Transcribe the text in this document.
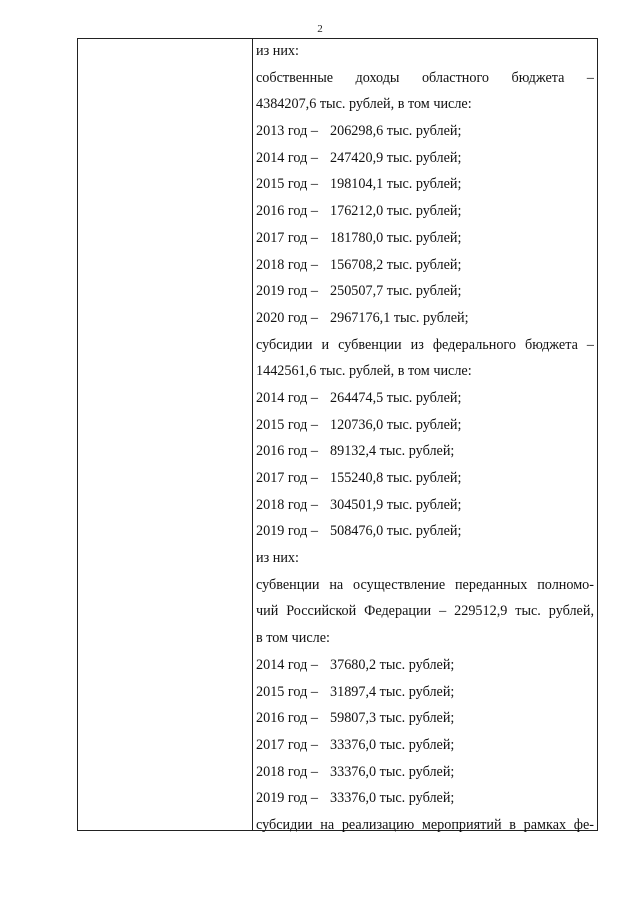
2
из них:
собственные доходы областного бюджета –
4384207,6 тыс. рублей, в том числе:
2013 год – 206298,6 тыс. рублей;
2014 год – 247420,9 тыс. рублей;
2015 год – 198104,1 тыс. рублей;
2016 год – 176212,0 тыс. рублей;
2017 год – 181780,0 тыс. рублей;
2018 год – 156708,2 тыс. рублей;
2019 год – 250507,7 тыс. рублей;
2020 год – 2967176,1 тыс. рублей;
субсидии и субвенции из федерального бюджета –
1442561,6 тыс. рублей, в том числе:
2014 год – 264474,5 тыс. рублей;
2015 год – 120736,0 тыс. рублей;
2016 год – 89132,4 тыс. рублей;
2017 год – 155240,8 тыс. рублей;
2018 год – 304501,9 тыс. рублей;
2019 год – 508476,0 тыс. рублей;
из них:
субвенции на осуществление переданных полномо-
чий Российской Федерации – 229512,9 тыс. рублей,
в том числе:
2014 год – 37680,2 тыс. рублей;
2015 год – 31897,4 тыс. рублей;
2016 год – 59807,3 тыс. рублей;
2017 год – 33376,0 тыс. рублей;
2018 год – 33376,0 тыс. рублей;
2019 год – 33376,0 тыс. рублей;
субсидии на реализацию мероприятий в рамках фе-
